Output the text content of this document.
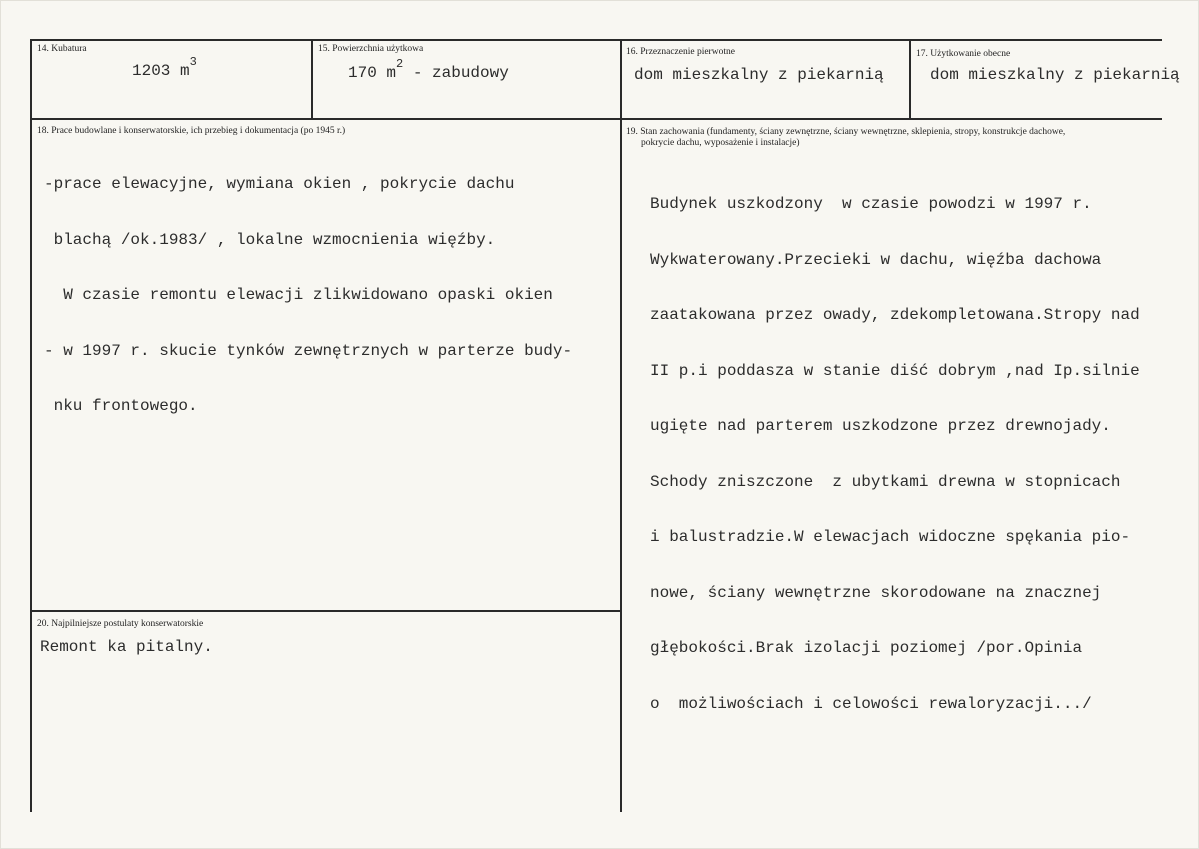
14. Kubatura
1203 $m^3$
15. Powierzchnia użytkowa
170 $m^2$ - zabudowy
16. Przeznaczenie pierwotne
dom mieszkalny z piekarnią
17. Użytkowanie obecne
dom mieszkalny z piekarnią
18. Prace budowlane i konserwatorskie, ich przebieg i dokumentacja (po 1945 r.)

-prace elewacyjne, wymiana okien , pokrycie dachu

blachą /ok.1983/ , lokalne wzmocnienia więźby.

W czasie remontu elewacji zlikwidowano opaski okien

- w 1997 r. skucie tynków zewnętrznych w parterze budy-

nku frontowego.

19. Stan zachowania (fundamenty, ściany zewnętrzne, ściany wewnętrzne, sklepienia, stropy, konstrukcje dachowe,
pokrycie dachu, wyposażenie i instalacje)

Budynek uszkodzony  w czasie powodzi w 1997 r.

Wykwaterowany.Przecieki w dachu, więźba dachowa

zaatakowana przez owady, zdekompletowana.Stropy nad

II p.i poddasza w stanie diść dobrym ,nad Ip.silnie

ugięte nad parterem uszkodzone przez drewnojady.

Schody zniszczone  z ubytkami drewna w stopnicach

i balustradzie.W elewacjach widoczne spękania pio-

nowe, ściany wewnętrzne skorodowane na znacznej

głębokości.Brak izolacji poziomej /por.Opinia

o  możliwościach i celowości rewaloryzacji.../

20. Najpilniejsze postulaty konserwatorskie
Remont ka pitalny.
